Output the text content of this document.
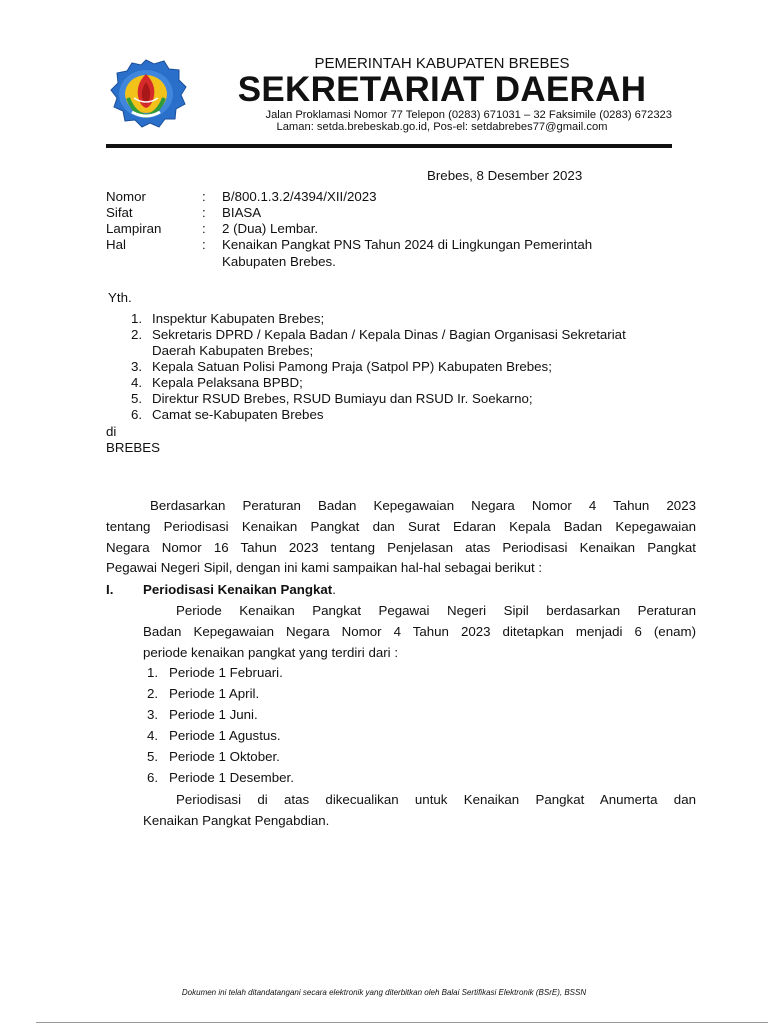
PEMERINTAH KABUPATEN BREBES
SEKRETARIAT DAERAH
Jalan Proklamasi Nomor 77 Telepon (0283) 671031 – 32 Faksimile (0283) 672323
Laman: setda.brebeskab.go.id, Pos-el: setdabrebes77@gmail.com
Brebes, 8 Desember 2023
Nomor	: B/800.1.3.2/4394/XII/2023
Sifat	: BIASA
Lampiran	: 2 (Dua) Lembar.
Hal	: Kenaikan Pangkat PNS Tahun 2024 di Lingkungan Pemerintah
Kabupaten Brebes.
Yth.
1. Inspektur Kabupaten Brebes;
2. Sekretaris DPRD / Kepala Badan / Kepala Dinas / Bagian Organisasi Sekretariat
Daerah Kabupaten Brebes;
3. Kepala Satuan Polisi Pamong Praja (Satpol PP) Kabupaten Brebes;
4. Kepala Pelaksana BPBD;
5. Direktur RSUD Brebes, RSUD Bumiayu dan RSUD Ir. Soekarno;
6. Camat se-Kabupaten Brebes
di
BREBES
Berdasarkan Peraturan Badan Kepegawaian Negara Nomor 4 Tahun 2023
tentang Periodisasi Kenaikan Pangkat dan Surat Edaran Kepala Badan Kepegawaian
Negara Nomor 16 Tahun 2023 tentang Penjelasan atas Periodisasi Kenaikan Pangkat
Pegawai Negeri Sipil, dengan ini kami sampaikan hal-hal sebagai berikut :
I. Periodisasi Kenaikan Pangkat.
Periode Kenaikan Pangkat Pegawai Negeri Sipil berdasarkan Peraturan
Badan Kepegawaian Negara Nomor 4 Tahun 2023 ditetapkan menjadi 6 (enam)
periode kenaikan pangkat yang terdiri dari :
1. Periode 1 Februari.
2. Periode 1 April.
3. Periode 1 Juni.
4. Periode 1 Agustus.
5. Periode 1 Oktober.
6. Periode 1 Desember.
Periodisasi di atas dikecualikan untuk Kenaikan Pangkat Anumerta dan
Kenaikan Pangkat Pengabdian.
Dokumen ini telah ditandatangani secara elektronik yang diterbitkan oleh Balai Sertifikasi Elektronik (BSrE), BSSN
